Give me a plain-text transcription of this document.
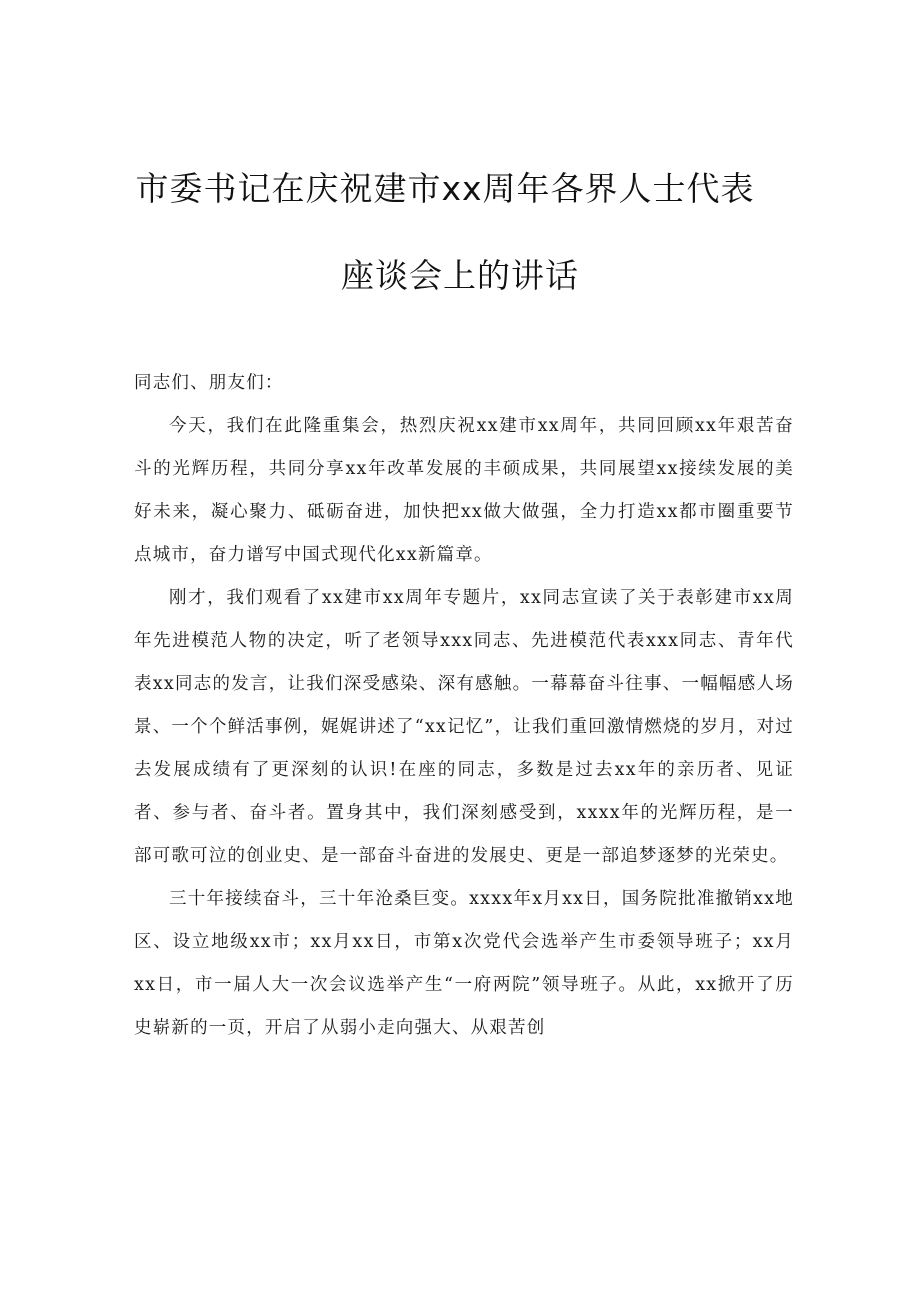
市委书记在庆祝建市xx周年各界人士代表
座谈会上的讲话

同志们、朋友们：

今天，我们在此隆重集会，热烈庆祝xx建市xx周年，共同回顾xx年艰苦奋斗的光辉历程，共同分享xx年改革发展的丰硕成果，共同展望xx接续发展的美好未来，凝心聚力、砥砺奋进，加快把xx做大做强，全力打造xx都市圈重要节点城市，奋力谱写中国式现代化xx新篇章。

刚才，我们观看了xx建市xx周年专题片，xx同志宣读了关于表彰建市xx周年先进模范人物的决定，听了老领导xxx同志、先进模范代表xxx同志、青年代表xx同志的发言，让我们深受感染、深有感触。一幕幕奋斗往事、一幅幅感人场景、一个个鲜活事例，娓娓讲述了“xx记忆”，让我们重回激情燃烧的岁月，对过去发展成绩有了更深刻的认识!在座的同志，多数是过去xx年的亲历者、见证者、参与者、奋斗者。置身其中，我们深刻感受到，xxxx年的光辉历程，是一部可歌可泣的创业史、是一部奋斗奋进的发展史、更是一部追梦逐梦的光荣史。

三十年接续奋斗，三十年沧桑巨变。xxxx年x月xx日，国务院批准撤销xx地区、设立地级xx市；xx月xx日，市第x次党代会选举产生市委领导班子；xx月xx日，市一届人大一次会议选举产生“一府两院”领导班子。从此，xx掀开了历史崭新的一页，开启了从弱小走向强大、从艰苦创
